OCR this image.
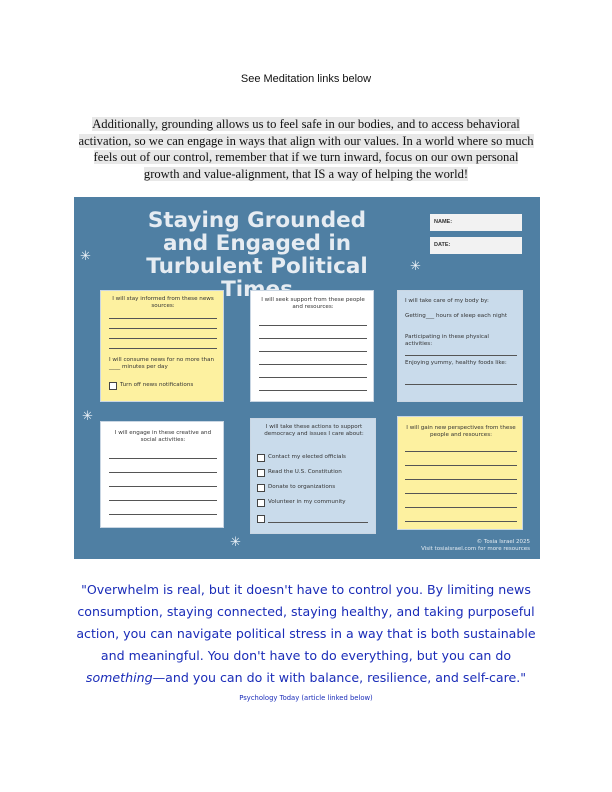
See Meditation links below
Additionally, grounding allows us to feel safe in our bodies, and to access behavioral activation, so we can engage in ways that align with our values. In a world where so much feels out of our control, remember that if we turn inward, focus on our own personal growth and value-alignment, that IS a way of helping the world!
Staying Grounded and Engaged in Turbulent Political
NAME:
DATE:
✳
✳
✳
✳
I will stay informed from these news sources:
I will consume news for no more than ____ minutes per day
Turn off news notifications
I will seek support from these people and resources:
I will take care of my body by:
Getting___ hours of sleep each night
Participating in these physical activities:
Enjoying yummy, healthy foods like:
I will engage in these creative and social activities:
I will take these actions to support democracy and issues I care about:
Contact my elected officials
Read the U.S. Constitution
Donate to organizations
Volunteer in my community
I will gain new perspectives from these people and resources:
© Tosia Israel 2025
Visit tosiaisrael.com for more resources
"Overwhelm is real, but it doesn't have to control you. By limiting news consumption, staying connected, staying healthy, and taking purposeful action, you can navigate political stress in a way that is both sustainable and meaningful. You don't have to do everything, but you can do something—and you can do it with balance, resilience, and self-care."
Psychology Today (article linked below)
